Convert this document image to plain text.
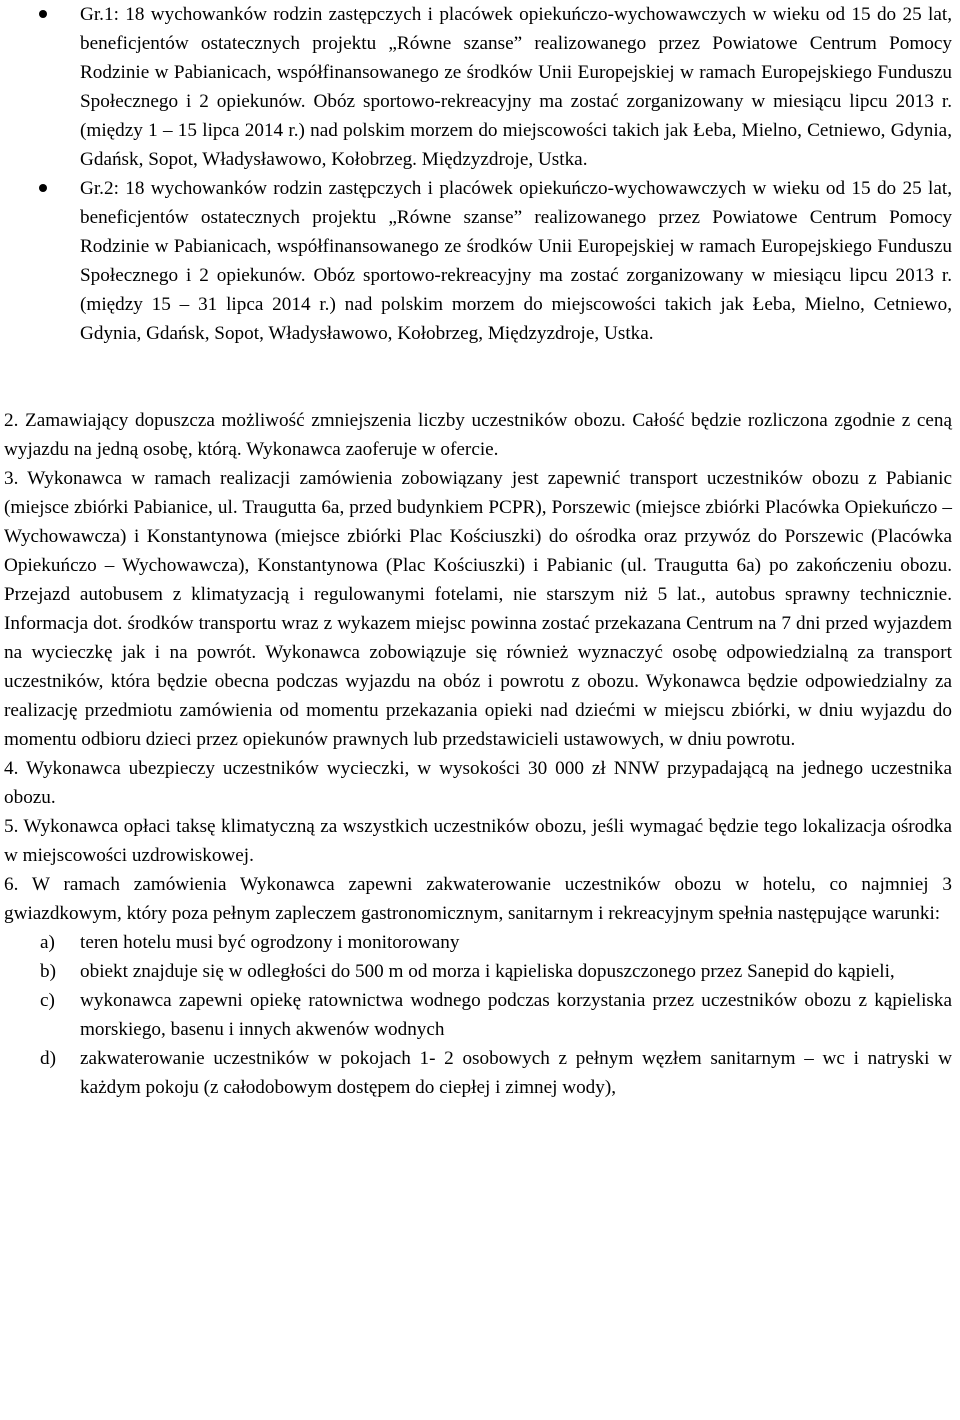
Gr.1: 18 wychowanków rodzin zastępczych i placówek opiekuńczo-wychowawczych w wieku od 15 do 25 lat, beneficjentów ostatecznych projektu „Równe szanse” realizowanego przez Powiatowe Centrum Pomocy Rodzinie w Pabianicach, współfinansowanego ze środków Unii Europejskiej w ramach Europejskiego Funduszu Społecznego i 2 opiekunów. Obóz sportowo-rekreacyjny ma zostać zorganizowany w miesiącu lipcu 2013 r. (między 1 – 15 lipca 2014 r.) nad polskim morzem do miejscowości takich jak Łeba, Mielno, Cetniewo, Gdynia, Gdańsk, Sopot, Władysławowo, Kołobrzeg. Międzyzdroje, Ustka.
Gr.2: 18 wychowanków rodzin zastępczych i placówek opiekuńczo-wychowawczych w wieku od 15 do 25 lat, beneficjentów ostatecznych projektu „Równe szanse” realizowanego przez Powiatowe Centrum Pomocy Rodzinie w Pabianicach, współfinansowanego ze środków Unii Europejskiej w ramach Europejskiego Funduszu Społecznego i 2 opiekunów. Obóz sportowo-rekreacyjny ma zostać zorganizowany w miesiącu lipcu 2013 r. (między 15 – 31 lipca 2014 r.) nad polskim morzem do miejscowości takich jak Łeba, Mielno, Cetniewo, Gdynia, Gdańsk, Sopot, Władysławowo, Kołobrzeg, Międzyzdroje, Ustka.

2. Zamawiający dopuszcza możliwość zmniejszenia liczby uczestników obozu. Całość będzie rozliczona zgodnie z ceną wyjazdu na jedną osobę, którą. Wykonawca zaoferuje w ofercie.

3. Wykonawca w ramach realizacji zamówienia zobowiązany jest zapewnić transport uczestników obozu z Pabianic (miejsce zbiórki Pabianice, ul. Traugutta 6a, przed budynkiem PCPR), Porszewic (miejsce zbiórki Placówka Opiekuńczo – Wychowawcza) i Konstantynowa (miejsce zbiórki Plac Kościuszki) do ośrodka oraz przywóz do Porszewic (Placówka Opiekuńczo – Wychowawcza), Konstantynowa (Plac Kościuszki) i Pabianic (ul. Traugutta 6a) po zakończeniu obozu. Przejazd autobusem z klimatyzacją i regulowanymi fotelami, nie starszym niż 5 lat., autobus sprawny technicznie. Informacja dot. środków transportu wraz z wykazem miejsc powinna zostać przekazana Centrum na 7 dni przed wyjazdem na wycieczkę jak i na powrót. Wykonawca zobowiązuje się również wyznaczyć osobę odpowiedzialną za transport uczestników, która będzie obecna podczas wyjazdu na obóz i powrotu z obozu. Wykonawca będzie odpowiedzialny za realizację przedmiotu zamówienia od momentu przekazania opieki nad dziećmi w miejscu zbiórki, w dniu wyjazdu do momentu odbioru dzieci przez opiekunów prawnych lub przedstawicieli ustawowych, w dniu powrotu.

4. Wykonawca ubezpieczy uczestników wycieczki, w wysokości 30 000 zł NNW przypadającą na jednego uczestnika obozu.

5. Wykonawca opłaci taksę klimatyczną za wszystkich uczestników obozu, jeśli wymagać będzie tego lokalizacja ośrodka w miejscowości uzdrowiskowej.

6. W ramach zamówienia Wykonawca zapewni zakwaterowanie uczestników obozu w hotelu, co najmniej 3 gwiazdkowym, który poza pełnym zapleczem gastronomicznym, sanitarnym i rekreacyjnym spełnia następujące warunki:

a) teren hotelu musi być ogrodzony i monitorowany
b) obiekt znajduje się w odległości do 500 m od morza i kąpieliska dopuszczonego przez Sanepid do kąpieli,
c) wykonawca zapewni opiekę ratownictwa wodnego podczas korzystania przez uczestników obozu z kąpieliska morskiego, basenu i innych akwenów wodnych
d) zakwaterowanie uczestników w pokojach 1- 2 osobowych z pełnym węzłem sanitarnym – wc i natryski w każdym pokoju (z całodobowym dostępem do ciepłej i zimnej wody),
